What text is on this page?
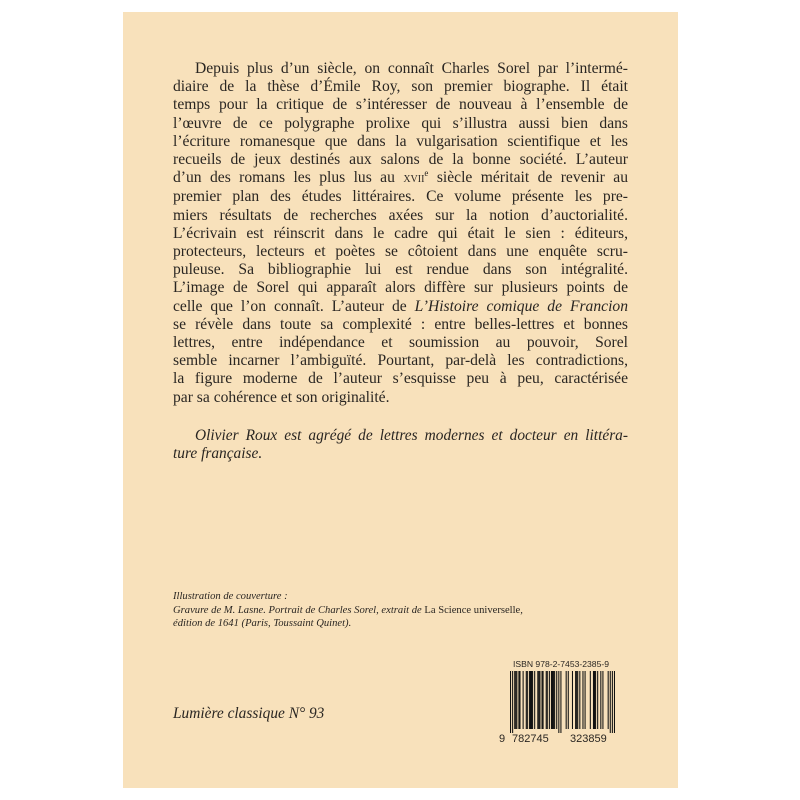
Depuis plus d’un siècle, on connaît Charles Sorel par l’intermé-
diaire de la thèse d’Émile Roy, son premier biographe. Il était
temps pour la critique de s’intéresser de nouveau à l’ensemble de
l’œuvre de ce polygraphe prolixe qui s’illustra aussi bien dans
l’écriture romanesque que dans la vulgarisation scientifique et les
recueils de jeux destinés aux salons de la bonne société. L’auteur
d’un des romans les plus lus au xvii$^e$ siècle méritait de revenir au
premier plan des études littéraires. Ce volume présente les pre-
miers résultats de recherches axées sur la notion d’auctorialité.
L’écrivain est réinscrit dans le cadre qui était le sien : éditeurs,
protecteurs, lecteurs et poètes se côtoient dans une enquête scru-
puleuse. Sa bibliographie lui est rendue dans son intégralité.
L’image de Sorel qui apparaît alors diffère sur plusieurs points de
celle que l’on connaît. L’auteur de L’Histoire comique de Francion
se révèle dans toute sa complexité : entre belles-lettres et bonnes
lettres, entre indépendance et soumission au pouvoir, Sorel
semble incarner l’ambiguïté. Pourtant, par-delà les contradictions,
la figure moderne de l’auteur s’esquisse peu à peu, caractérisée
par sa cohérence et son originalité.
Olivier Roux est agrégé de lettres modernes et docteur en littéra-
ture française.
Illustration de couverture :
Gravure de M. Lasne. Portrait de Charles Sorel, extrait de La Science universelle,
édition de 1641 (Paris, Toussaint Quinet).
Lumière classique N° 93
ISBN 978-2-7453-2385-9
9 782745 323859
